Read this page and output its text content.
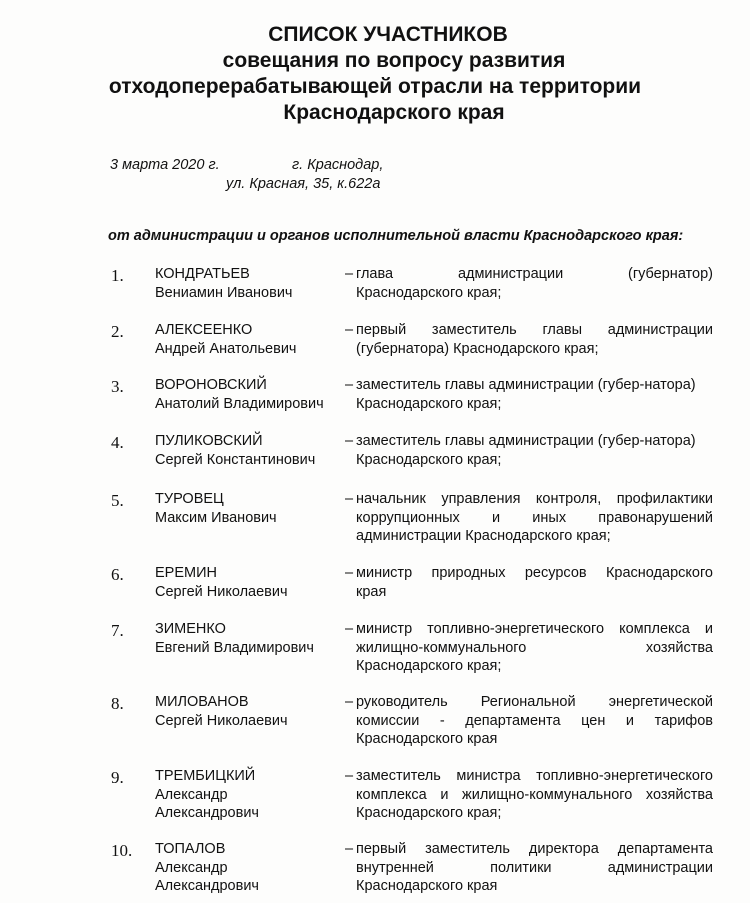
СПИСОК УЧАСТНИКОВ
совещания по вопросу развития
отходоперерабатывающей отрасли на территории
Краснодарского края
3 марта 2020 г.	г. Краснодар,
ул. Красная, 35, к.622а
от администрации и органов исполнительной власти Краснодарского края:
1. КОНДРАТЬЕВ
Вениамин Иванович
– глава администрации (губернатор)
Краснодарского края;
2. АЛЕКСЕЕНКО
Андрей Анатольевич
– первый заместитель главы администрации
(губернатора) Краснодарского края;
3. ВОРОНОВСКИЙ
Анатолий Владимирович
– заместитель главы администрации (губер-натора)
Краснодарского края;
4. ПУЛИКОВСКИЙ
Сергей Константинович
– заместитель главы администрации (губер-натора)
Краснодарского края;
5. ТУРОВЕЦ
Максим Иванович
– начальник управления контроля, профилактики
коррупционных и иных правонарушений
администрации Краснодарского края;
6. ЕРЕМИН
Сергей Николаевич
– министр природных ресурсов Краснодарского
края
7. ЗИМЕНКО
Евгений Владимирович
– министр топливно-энергетического комплекса и
жилищно-коммунального хозяйства
Краснодарского края;
8. МИЛОВАНОВ
Сергей Николаевич
– руководитель Региональной энергетической
комиссии - департамента цен и тарифов
Краснодарского края
9. ТРЕМБИЦКИЙ
Александр
Александрович
– заместитель министра топливно-энергетического
комплекса и жилищно-коммунального хозяйства
Краснодарского края;
10. ТОПАЛОВ
Александр
Александрович
– первый заместитель директора департамента
внутренней политики администрации
Краснодарского края
